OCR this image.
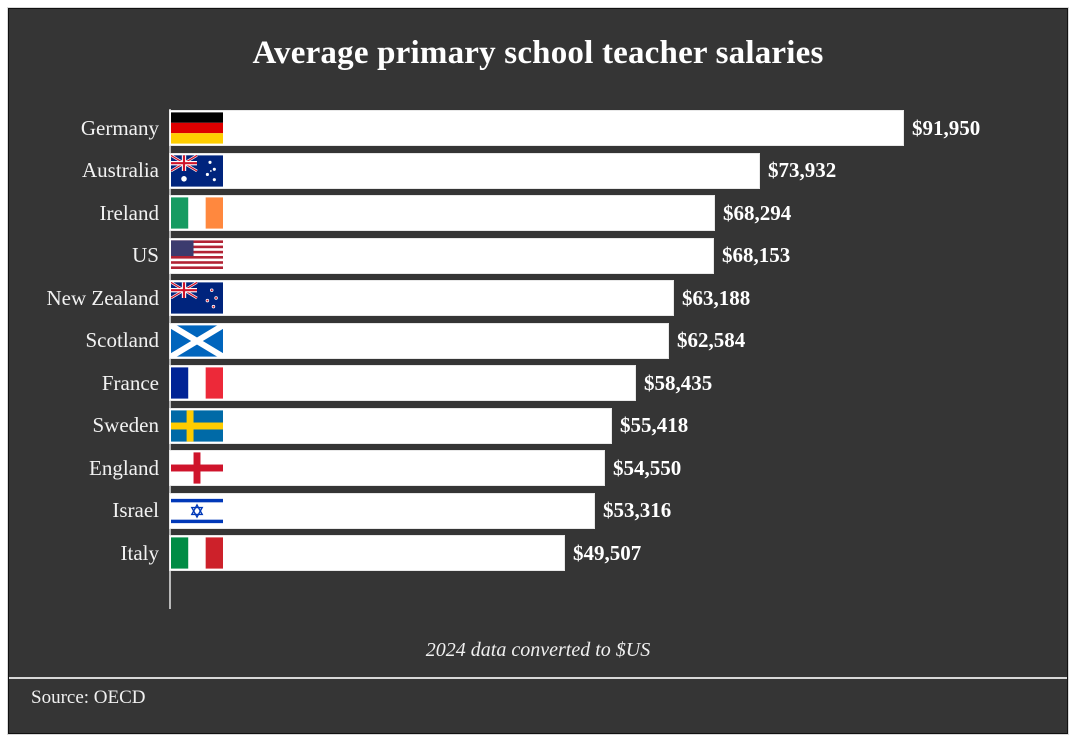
Average primary school teacher salaries
Germany	$91,950
Australia	$73,932
Ireland	$68,294
US	$68,153
New Zealand	$63,188
Scotland	$62,584
France	$58,435
Sweden	$55,418
England	$54,550
Israel	$53,316
Italy	$49,507
2024 data converted to $US
Source: OECD
